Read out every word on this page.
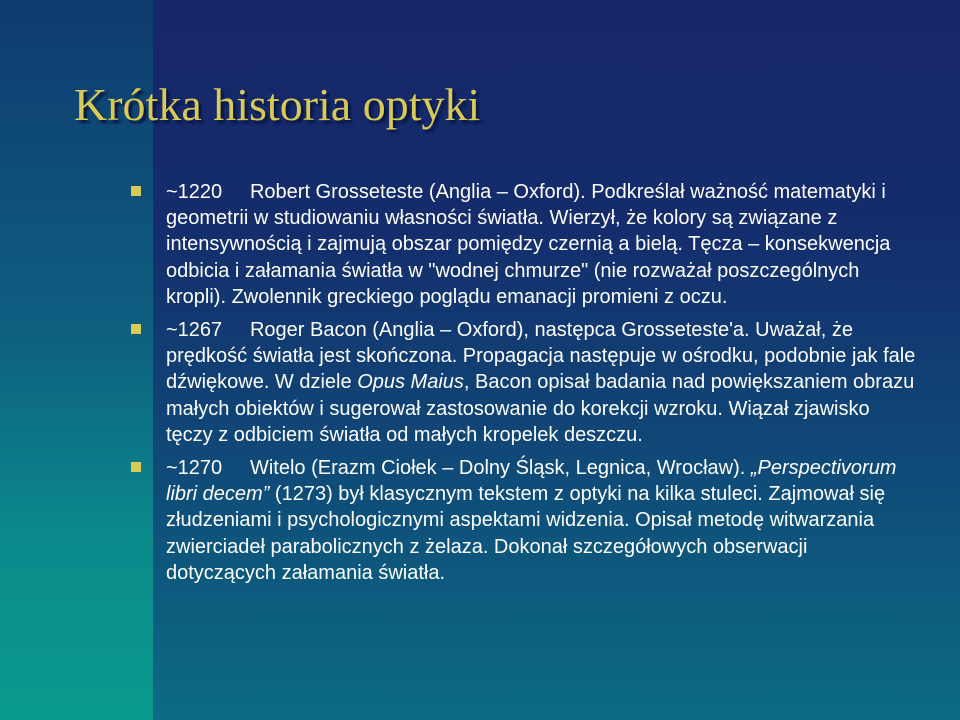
Krótka historia optyki
~1220 Robert Grosseteste (Anglia – Oxford). Podkreślał ważność matematyki i geometrii w studiowaniu własności światła. Wierzył, że kolory są związane z intensywnością i zajmują obszar pomiędzy czernią a bielą. Tęcza – konsekwencja odbicia i załamania światła w "wodnej chmurze" (nie rozważał poszczególnych kropli). Zwolennik greckiego poglądu emanacji promieni z oczu.
~1267 Roger Bacon (Anglia – Oxford), następca Grosseteste'a. Uważał, że prędkość światła jest skończona. Propagacja następuje w ośrodku, podobnie jak fale dźwiękowe. W dziele Opus Maius, Bacon opisał badania nad powiększaniem obrazu małych obiektów i sugerował zastosowanie do korekcji wzroku. Wiązał zjawisko tęczy z odbiciem światła od małych kropelek deszczu.
~1270 Witelo (Erazm Ciołek – Dolny Śląsk, Legnica, Wrocław). „Perspectivorum libri decem” (1273) był klasycznym tekstem z optyki na kilka stuleci. Zajmował się złudzeniami i psychologicznymi aspektami widzenia. Opisał metodę witwarzania zwierciadeł parabolicznych z żelaza. Dokonał szczegółowych obserwacji dotyczących załamania światła.
